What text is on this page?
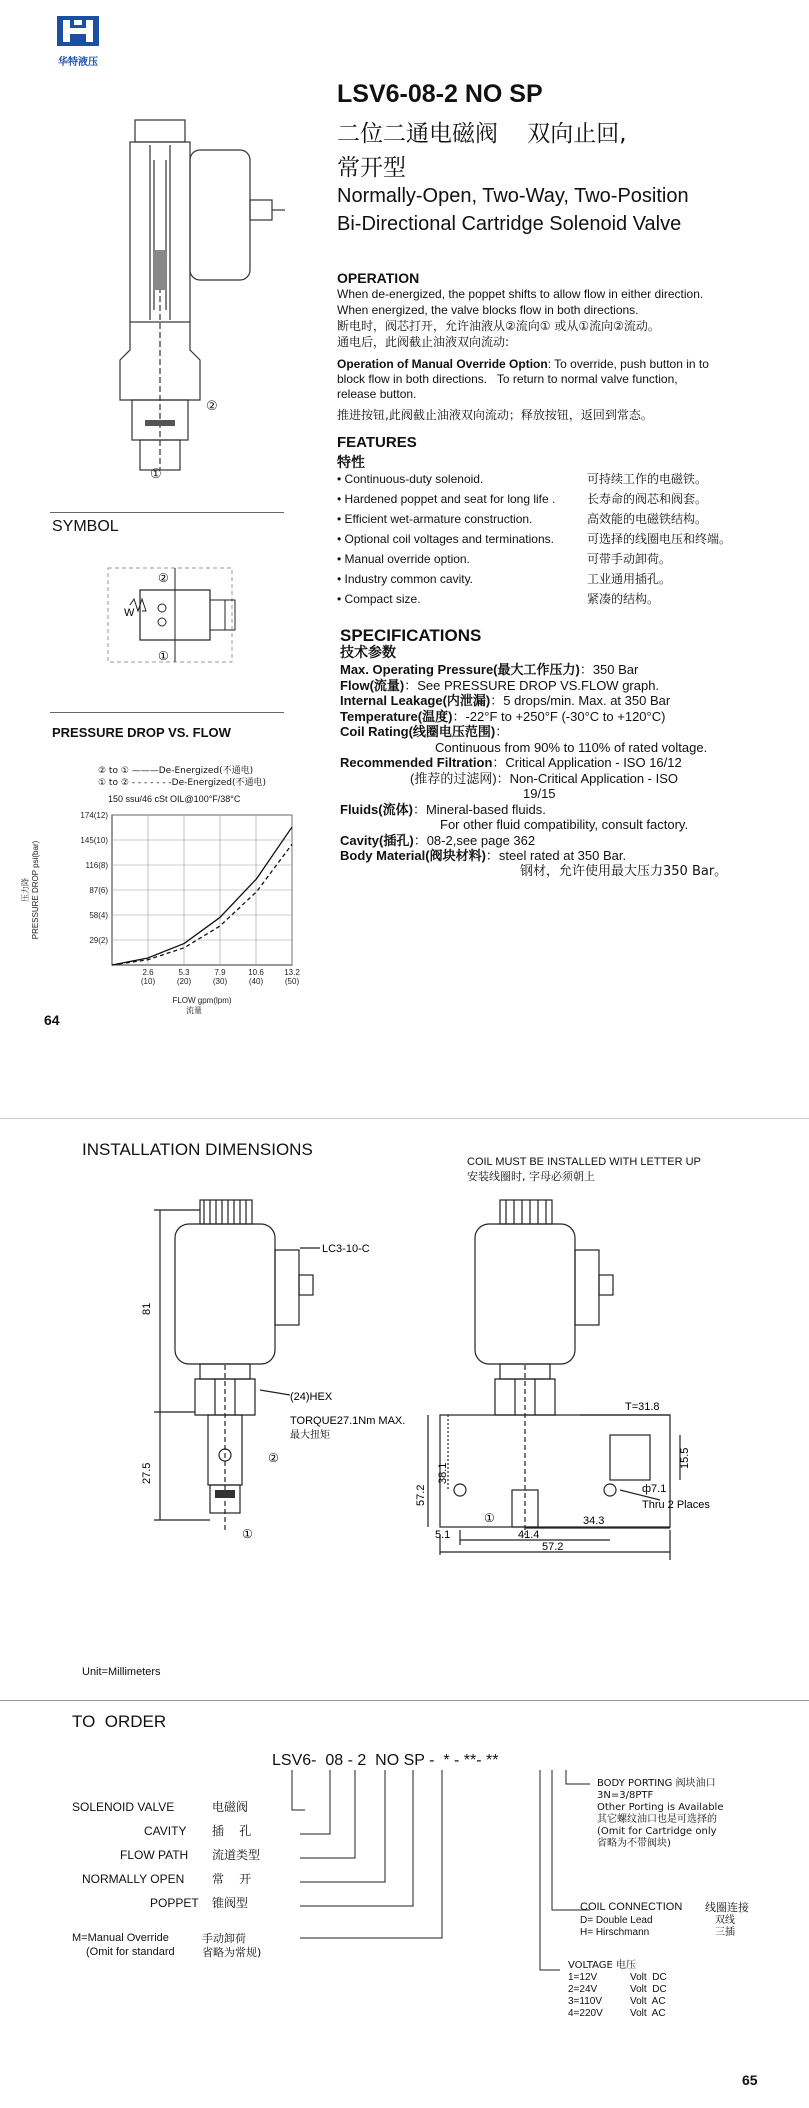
华特液压
LSV6-08-2 NO SP
二位二通电磁阀    双向止回,
常开型
Normally-Open, Two-Way, Two-Position
Bi-Directional Cartridge Solenoid Valve
②
①
OPERATION
When de-energized, the poppet shifts to allow flow in either direction.
When energized, the valve blocks flow in both directions.
断电时，阀芯打开，允许油液从②流向① 或从①流向②流动。
通电后，此阀截止油液双向流动:
Operation of Manual Override Option: To override, push button in to
block flow in both directions.   To return to normal valve function,
release button.
推进按钮,此阀截止油液双向流动；释放按钮，返回到常态。
FEATURES
特性
• Continuous-duty solenoid.	可持续工作的电磁铁。
• Hardened poppet and seat for long life .	长寿命的阀芯和阀套。
• Efficient wet-armature construction.	高效能的电磁铁结构。
• Optional coil voltages and terminations.	可选择的线圈电压和终端。
• Manual override option.	可带手动卸荷。
• Industry common cavity.	工业通用插孔。
• Compact size.	紧凑的结构。
SYMBOL
②
①
W
PRESSURE DROP VS. FLOW
② to ① ———De-Energized(不通电)
① to ② - - - - - - -De-Energized(不通电)
150 ssu/46 cSt OIL@100°F/38°C
29(2)
58(4)
87(6)
116(8)
145(10)
174(12)
2.6
(10)
5.3
(20)
7.9
(30)
10.6
(40)
13.2
(50)
FLOW gpm(lpm)
流量
PRESSURE DROP psi(bar)
压力降
64
SPECIFICATIONS
技术参数
Max. Operating Pressure(最大工作压力)：350 Bar
Flow(流量)：See PRESSURE DROP VS.FLOW graph.
Internal Leakage(内泄漏)：5 drops/min. Max. at 350 Bar
Temperature(温度)：-22°F to +250°F (-30°C to +120°C)
Coil Rating(线圈电压范围)：
Continuous from 90% to 110% of rated voltage.
Recommended Filtration：Critical Application - ISO 16/12
(推荐的过滤网)：Non-Critical Application - ISO
19/15
Fluids(流体)：Mineral-based fluids.
For other fluid compatibility, consult factory.
Cavity(插孔)：08-2,see page 362
Body Material(阀块材料)：steel rated at 350 Bar.
钢材，允许使用最大压力350 Bar。
INSTALLATION DIMENSIONS
COIL MUST BE INSTALLED WITH LETTER UP
安装线圈时, 字母必须朝上
81
27.5
LC3-10-C
(24)HEX
TORQUE27.1Nm MAX.
最大扭矩
②
①
T=31.8
15.5
38.1
57.2
34.3
5.1	41.4
57.2
ф7.1
Thru 2 Places
①
Unit=Millimeters
TO  ORDER
LSV6-  08 - 2  NO SP -  * - **- **
SOLENOID VALVE	电磁阀
CAVITY 插    孔
FLOW PATH 流道类型
NORMALLY OPEN 常    开
POPPET 锥阀型
M=Manual Override	手动卸荷
(Omit for standard 省略为常规)
BODY PORTING 阀块油口
3N=3/8PTF
Other Porting is Available
其它螺纹油口也是可选择的
(Omit for Cartridge only
省略为不带阀块)
COIL CONNECTION 线圈连接
D= Double Lead	双线
H= Hirschmann	三插
VOLTAGE 电压
1=12V	Volt  DC
2=24V	Volt  DC
3=110V	Volt  AC
4=220V	Volt  AC
65
